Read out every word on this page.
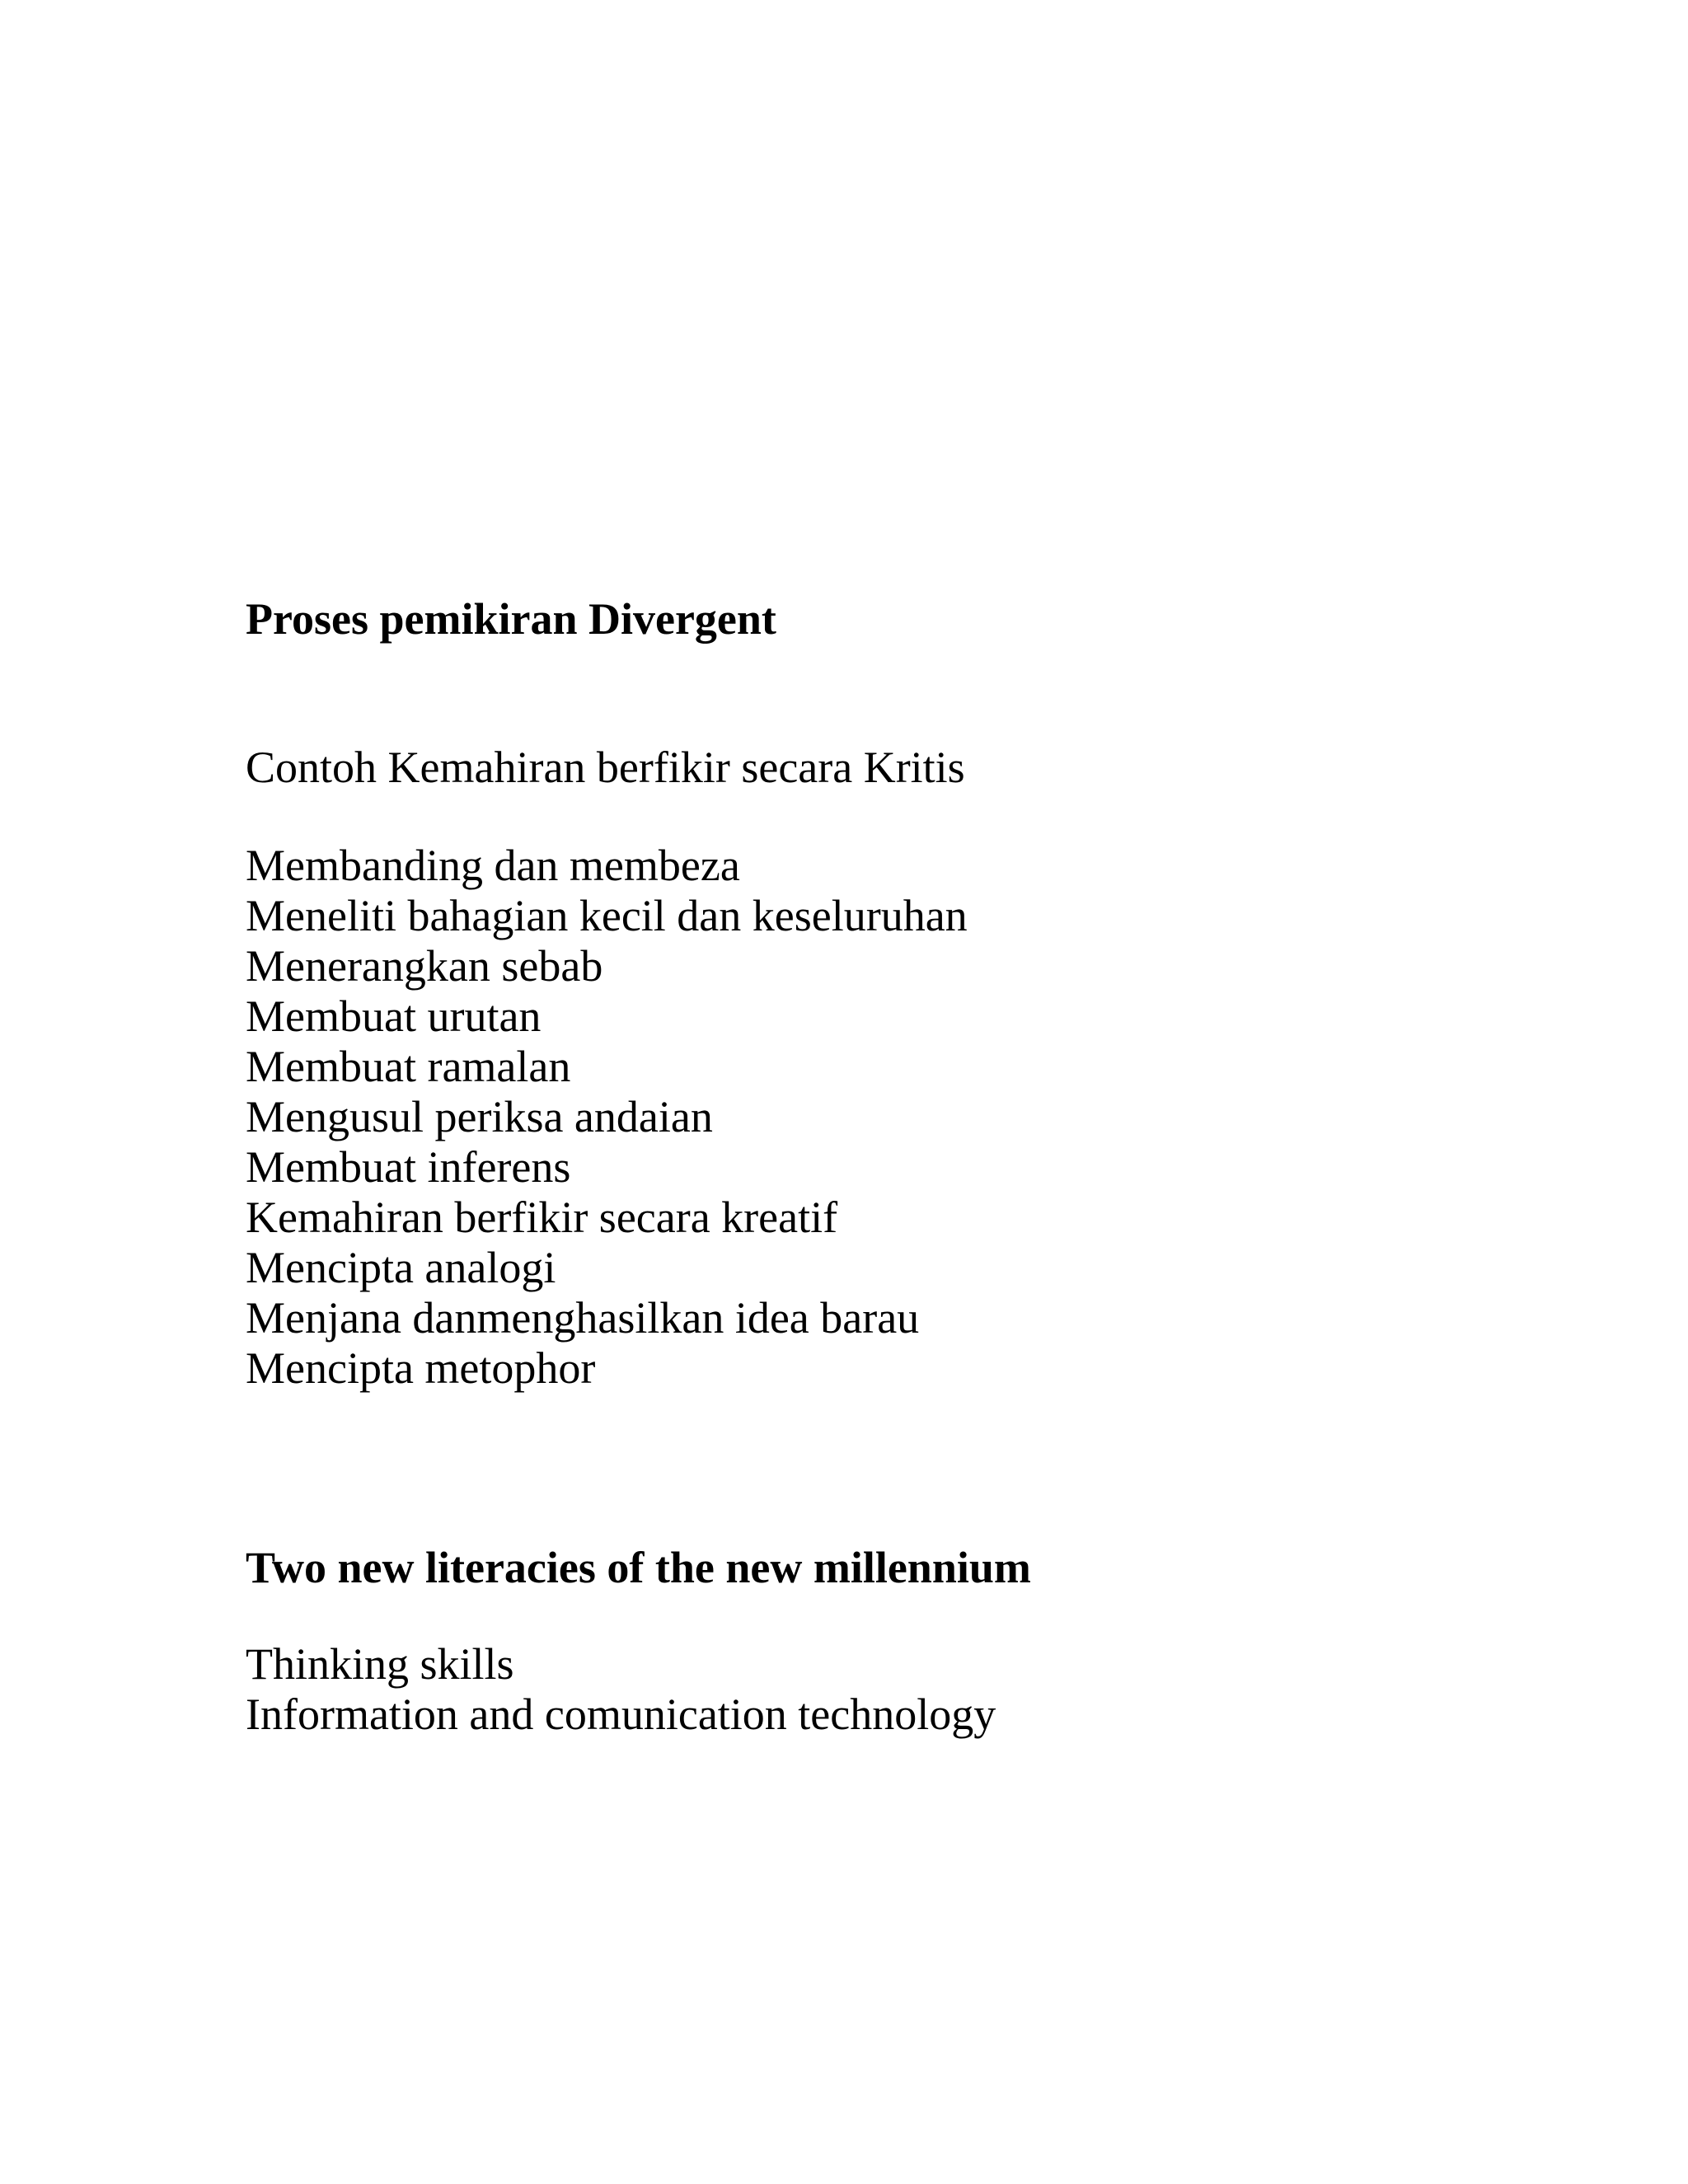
Proses pemikiran Divergent

Contoh Kemahiran berfikir secara Kritis

Membanding dan membeza
Meneliti bahagian kecil dan keseluruhan
Menerangkan sebab
Membuat urutan
Membuat ramalan
Mengusul periksa andaian
Membuat inferens
Kemahiran berfikir secara kreatif
Mencipta analogi
Menjana danmenghasilkan idea barau
Mencipta metophor
Two new literacies of the new millennium
Thinking skills
Information and comunication technology
